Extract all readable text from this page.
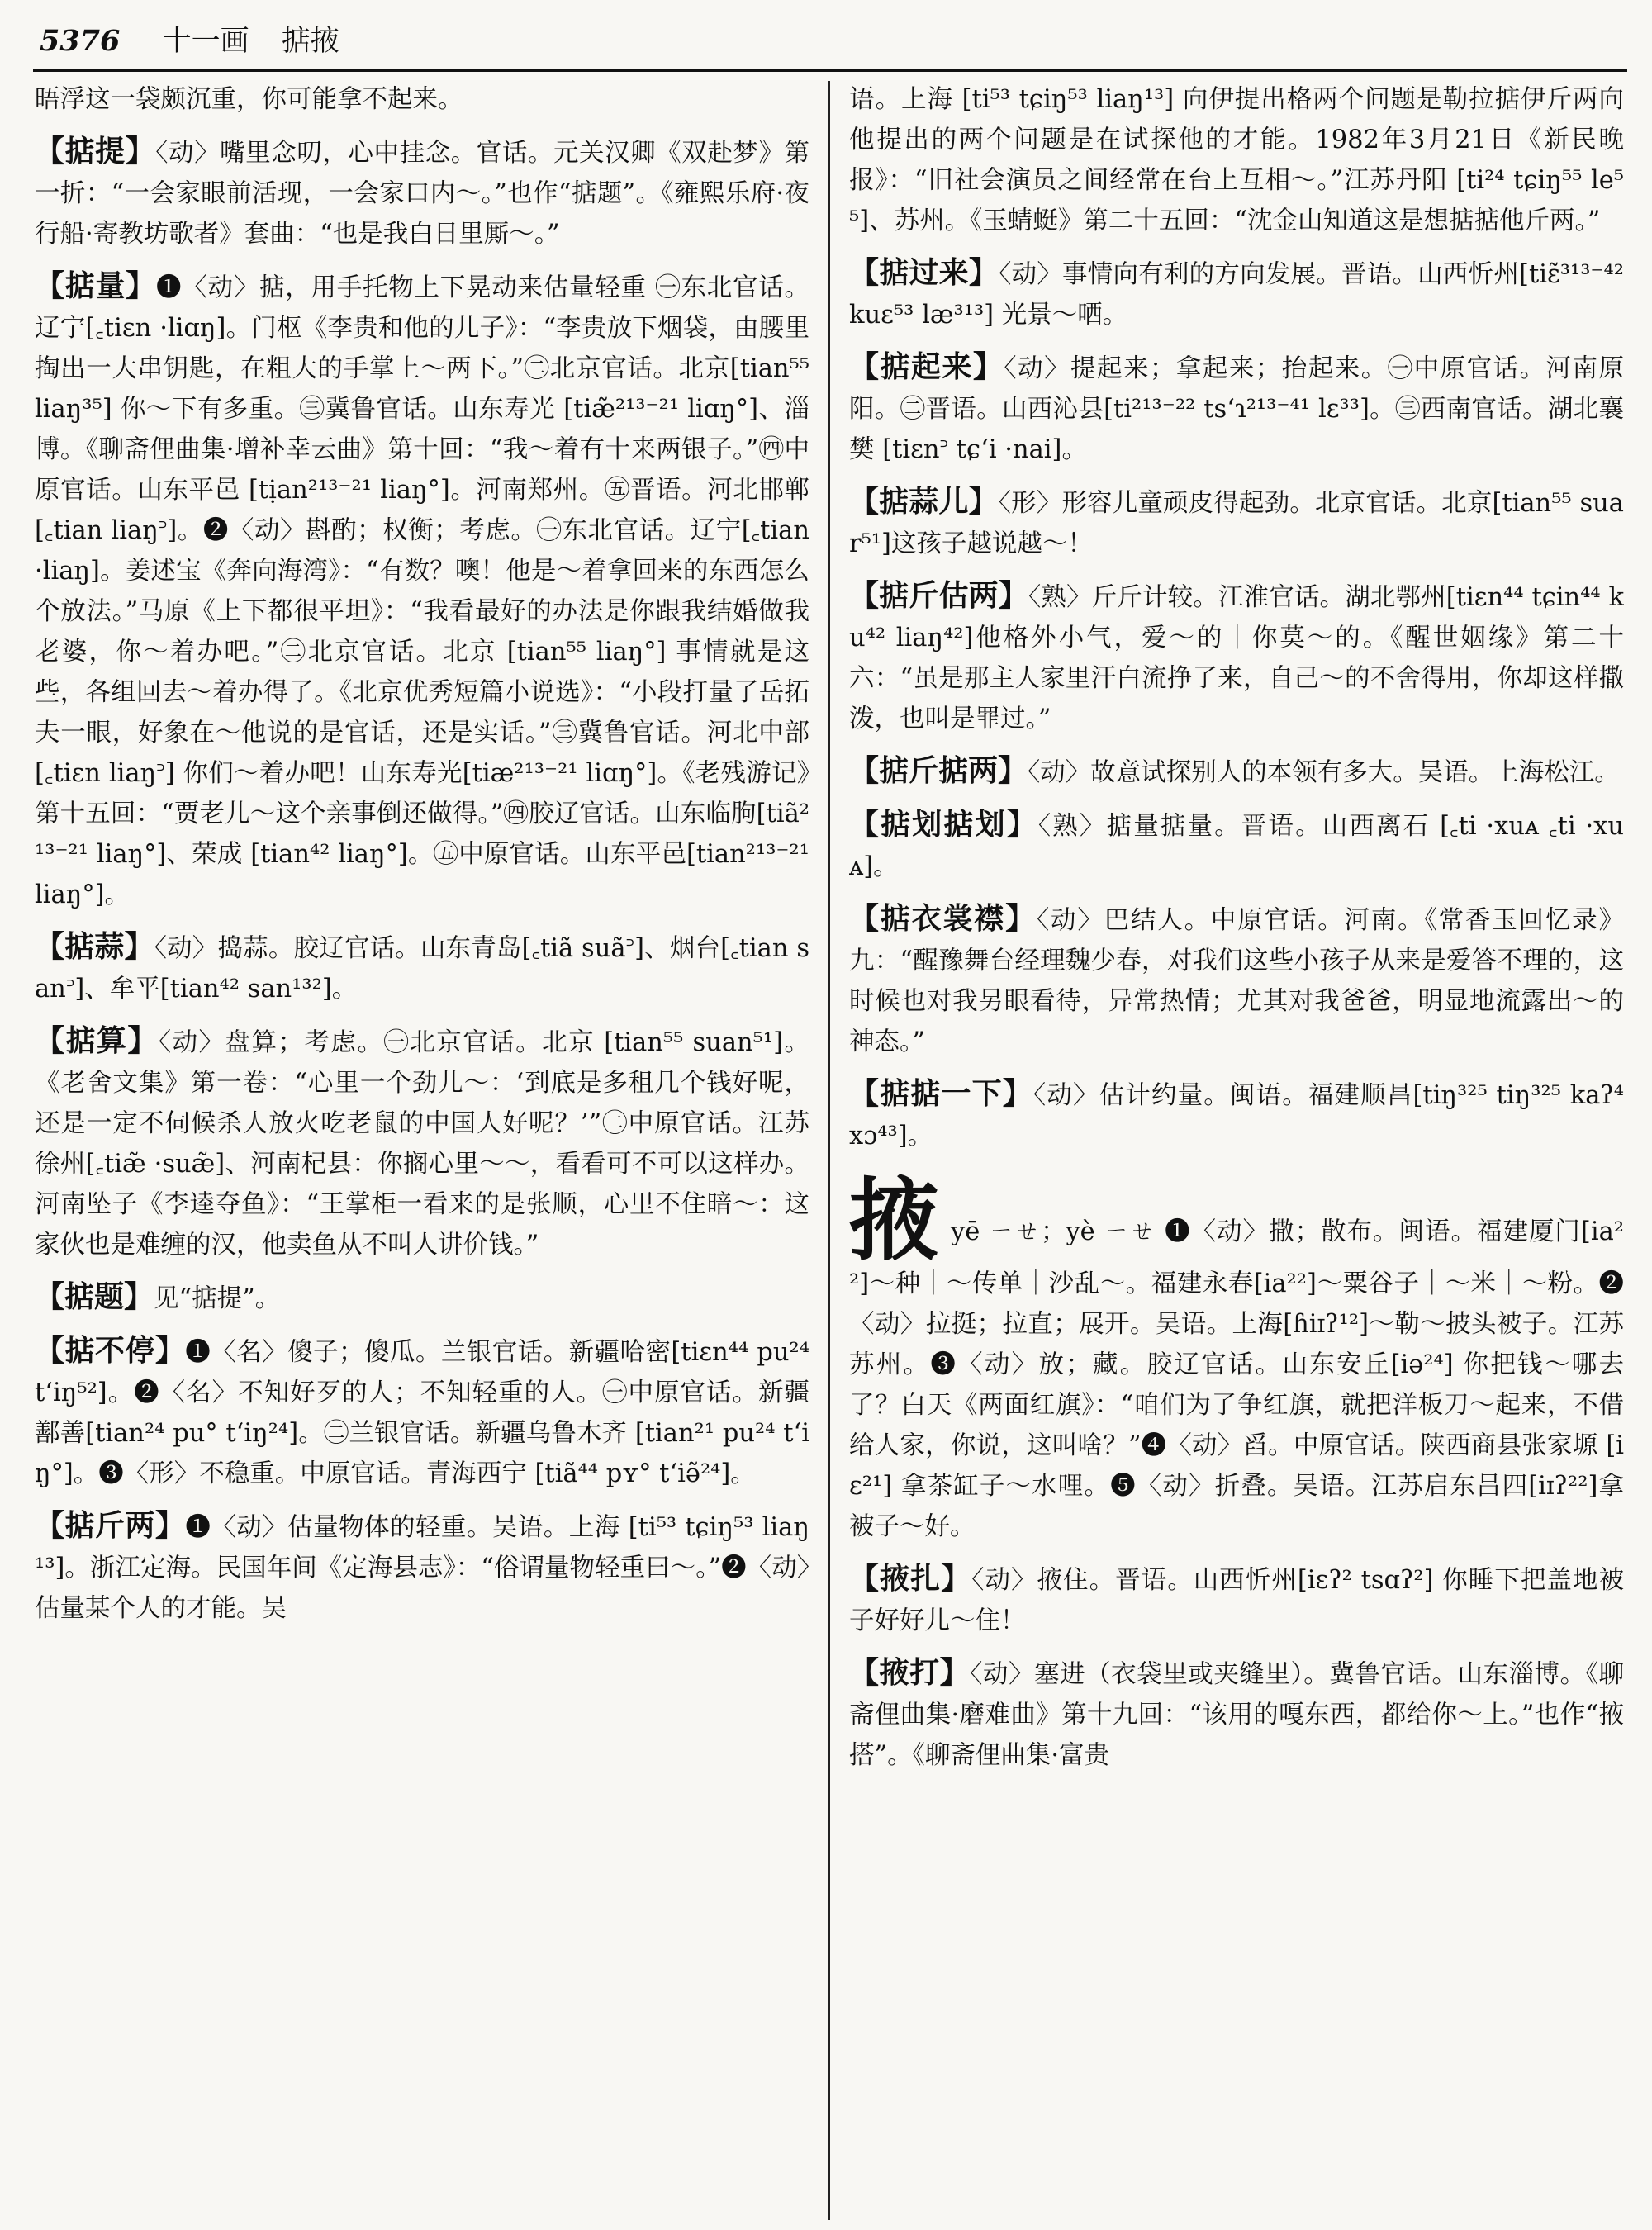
5376 十一画 掂掖
晤浮这一袋颇沉重，你可能拿不起来。
【掂提】〈动〉嘴里念叨，心中挂念。官话。元关汉卿《双赴梦》第一折：“一会家眼前活现，一会家口内～。”也作“掂题”。《雍熙乐府·夜行船·寄教坊歌者》套曲：“也是我白日里厮～。”
【掂量】❶〈动〉掂，用手托物上下晃动来估量轻重 ㊀东北官话。辽宁[꜀tiɛn ·liɑŋ]。门枢《李贵和他的儿子》：“李贵放下烟袋，由腰里掏出一大串钥匙，在粗大的手掌上～两下。”㊁北京官话。北京[tian⁵⁵ liaŋ³⁵] 你～下有多重。㊂冀鲁官话。山东寿光 [tiæ̃²¹³⁻²¹ liɑŋ°]、淄博。《聊斋俚曲集·增补幸云曲》第十回：“我～着有十来两银子。”㊃中原官话。山东平邑 [tịan²¹³⁻²¹ liaŋ°]。河南郑州。㊄晋语。河北邯郸[꜀tian liaŋ꜄]。❷〈动〉斟酌；权衡；考虑。㊀东北官话。辽宁[꜀tian ·liaŋ]。姜述宝《奔向海湾》：“有数？噢！他是～着拿回来的东西怎么个放法。”马原《上下都很平坦》：“我看最好的办法是你跟我结婚做我老婆，你～着办吧。”㊁北京官话。北京 [tian⁵⁵ liaŋ°] 事情就是这些，各组回去～着办得了。《北京优秀短篇小说选》：“小段打量了岳拓夫一眼，好象在～他说的是官话，还是实话。”㊂冀鲁官话。河北中部 [꜀tiɛn liaŋ꜄] 你们～着办吧！山东寿光[tiæ²¹³⁻²¹ liɑŋ°]。《老残游记》第十五回：“贾老儿～这个亲事倒还做得。”㊃胶辽官话。山东临朐[tiã²¹³⁻²¹ liaŋ°]、荣成 [tian⁴² liaŋ°]。㊄中原官话。山东平邑[tian²¹³⁻²¹ liaŋ°]。
【掂蒜】〈动〉捣蒜。胶辽官话。山东青岛[꜀tiã suã꜄]、烟台[꜀tian san꜄]、牟平[tian⁴² san¹³²]。
【掂算】〈动〉盘算；考虑。㊀北京官话。北京 [tian⁵⁵ suan⁵¹]。《老舍文集》第一卷：“心里一个劲儿～：‘到底是多租几个钱好呢，还是一定不伺候杀人放火吃老鼠的中国人好呢？’”㊁中原官话。江苏徐州[꜀tiæ̃ ·suæ̃]、河南杞县：你搁心里～～，看看可不可以这样办。河南坠子《李逵夺鱼》：“王掌柜一看来的是张顺，心里不住暗～：这家伙也是难缠的汉，他卖鱼从不叫人讲价钱。”
【掂题】见“掂提”。
【掂不停】❶〈名〉傻子；傻瓜。兰银官话。新疆哈密[tiɛn⁴⁴ pu²⁴ tʻiŋ⁵²]。❷〈名〉不知好歹的人；不知轻重的人。㊀中原官话。新疆鄯善[tian²⁴ pu° tʻiŋ²⁴]。㊁兰银官话。新疆乌鲁木齐 [tian²¹ pu²⁴ tʻiŋ°]。❸〈形〉不稳重。中原官话。青海西宁 [tiã⁴⁴ pʏ° tʻiə̃²⁴]。
【掂斤两】❶〈动〉估量物体的轻重。吴语。上海 [ti⁵³ tɕiŋ⁵³ liaŋ¹³]。浙江定海。民国年间《定海县志》：“俗谓量物轻重曰～。”❷〈动〉估量某个人的才能。吴
语。上海 [ti⁵³ tɕiŋ⁵³ liaŋ¹³] 向伊提出格两个问题是勒拉掂伊斤两向他提出的两个问题是在试探他的才能。1982年3月21日《新民晚报》：“旧社会演员之间经常在台上互相～。”江苏丹阳 [ti²⁴ tɕiŋ⁵⁵ le⁵⁵]、苏州。《玉蜻蜓》第二十五回：“沈金山知道这是想掂掂他斤两。”
【掂过来】〈动〉事情向有利的方向发展。晋语。山西忻州[tiɛ̃³¹³⁻⁴² kuɛ⁵³ læ³¹³] 光景～哂。
【掂起来】〈动〉提起来；拿起来；抬起来。㊀中原官话。河南原阳。㊁晋语。山西沁县[ti²¹³⁻²² tsʻɿ²¹³⁻⁴¹ lɛ³³]。㊂西南官话。湖北襄樊 [tiɛn꜄ tɕʻi ·nai]。
【掂蒜儿】〈形〉形容儿童顽皮得起劲。北京官话。北京[tian⁵⁵ suar⁵¹]这孩子越说越～！
【掂斤估两】〈熟〉斤斤计较。江淮官话。湖北鄂州[tiɛn⁴⁴ tɕin⁴⁴ ku⁴² liaŋ⁴²]他格外小气，爱～的｜你莫～的。《醒世姻缘》第二十六：“虽是那主人家里汗白流挣了来，自己～的不舍得用，你却这样撒泼，也叫是罪过。”
【掂斤掂两】〈动〉故意试探别人的本领有多大。吴语。上海松江。
【掂划掂划】〈熟〉掂量掂量。晋语。山西离石 [꜀ti ·xuᴀ ꜀ti ·xuᴀ]。
【掂衣裳襟】〈动〉巴结人。中原官话。河南。《常香玉回忆录》九：“醒豫舞台经理魏少春，对我们这些小孩子从来是爱答不理的，这时候也对我另眼看待，异常热情；尤其对我爸爸，明显地流露出～的神态。”
【掂掂一下】〈动〉估计约量。闽语。福建顺昌[tiŋ³²⁵ tiŋ³²⁵ kaʔ⁴ xɔ⁴³]。
掖yē ㄧㄝ；yè ㄧㄝ ❶〈动〉撒；散布。闽语。福建厦门[ia²²]～种｜～传单｜沙乱～。福建永春[ia²²]～粟谷子｜～米｜～粉。❷〈动〉拉挺；拉直；展开。吴语。上海[ɦiɪʔ¹²]～勒～披头被子。江苏苏州。❸〈动〉放；藏。胶辽官话。山东安丘[iə²⁴] 你把钱～哪去了？白天《两面红旗》：“咱们为了争红旗，就把洋板刀～起来，不借给人家，你说，这叫啥？”❹〈动〉舀。中原官话。陕西商县张家塬 [iɛ²¹] 拿茶缸子～水哩。❺〈动〉折叠。吴语。江苏启东吕四[iɪʔ²²]拿被子～好。
【掖扎】〈动〉掖住。晋语。山西忻州[iɛʔ² tsɑʔ²] 你睡下把盖地被子好好儿～住！
【掖打】〈动〉塞进（衣袋里或夹缝里）。冀鲁官话。山东淄博。《聊斋俚曲集·磨难曲》第十九回：“该用的嘎东西，都给你～上。”也作“掖搭”。《聊斋俚曲集·富贵
